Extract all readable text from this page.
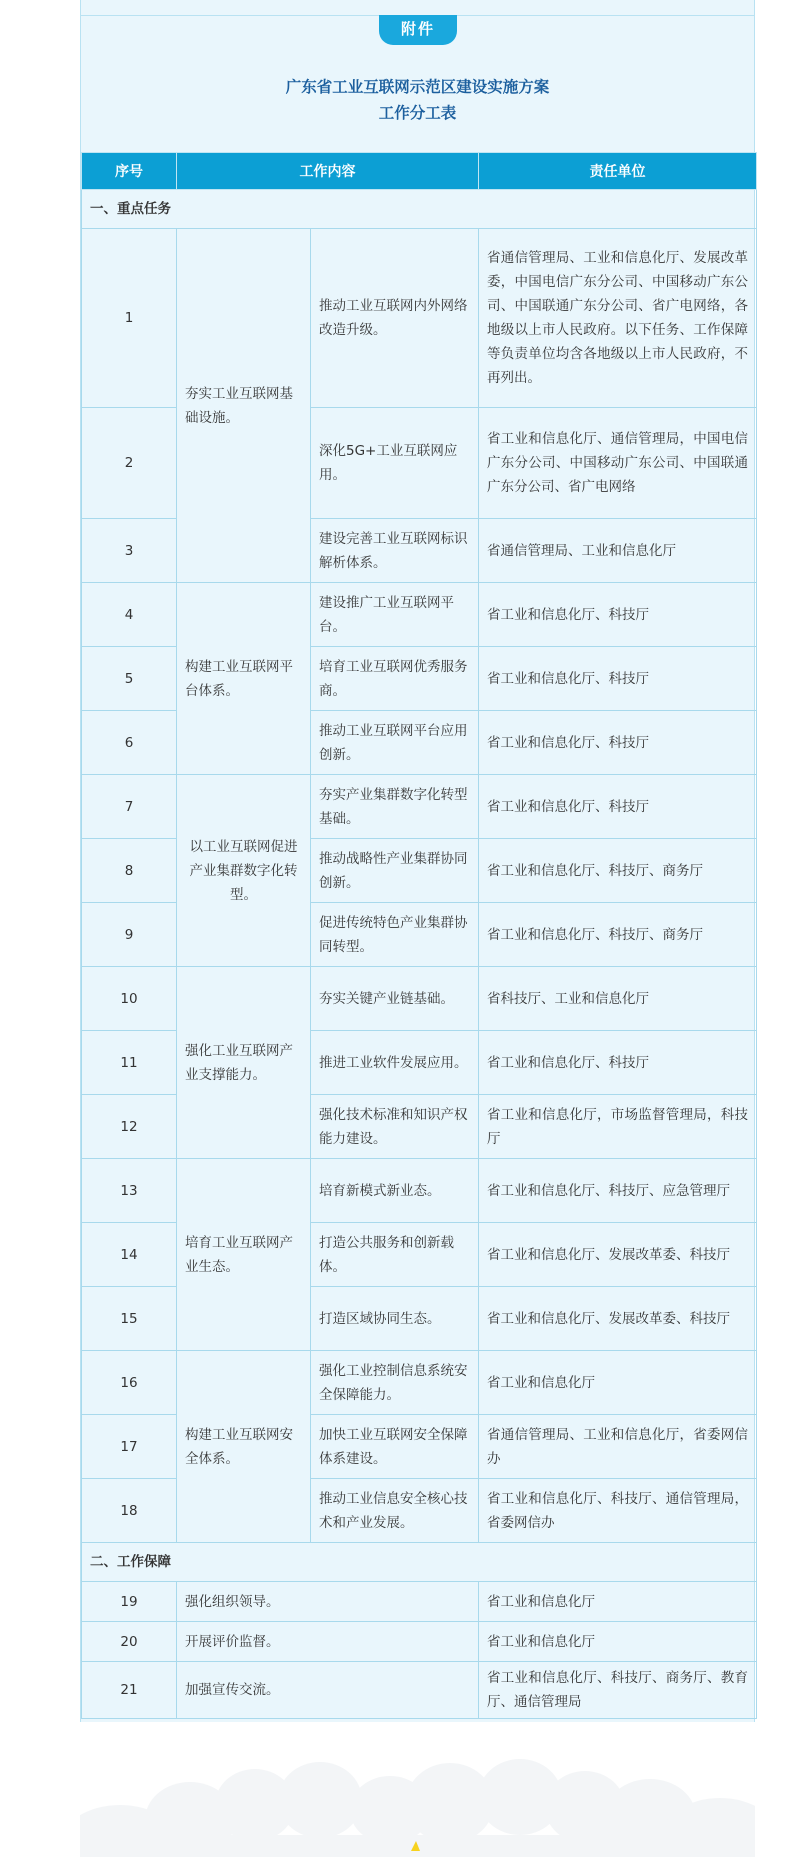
附件
广东省工业互联网示范区建设实施方案
工作分工表
序号	工作内容		责任单位
一、重点任务			
1	夯实工业互联网基础设施。	推动工业互联网内外网络改造升级。	省通信管理局、工业和信息化厅、发展改革委，中国电信广东分公司、中国移动广东公司、中国联通广东分公司、省广电网络，各地级以上市人民政府。以下任务、工作保障等负责单位均含各地级以上市人民政府，不再列出。
2		深化5G+工业互联网应用。	省工业和信息化厅、通信管理局，中国电信广东分公司、中国移动广东公司、中国联通广东分公司、省广电网络
3		建设完善工业互联网标识解析体系。	省通信管理局、工业和信息化厅
4	构建工业互联网平台体系。	建设推广工业互联网平台。	省工业和信息化厅、科技厅
5		培育工业互联网优秀服务商。	省工业和信息化厅、科技厅
6		推动工业互联网平台应用创新。	省工业和信息化厅、科技厅
7	以工业互联网促进产业集群数字化转型。	夯实产业集群数字化转型基础。	省工业和信息化厅、科技厅
8		推动战略性产业集群协同创新。	省工业和信息化厅、科技厅、商务厅
9		促进传统特色产业集群协同转型。	省工业和信息化厅、科技厅、商务厅
10	强化工业互联网产业支撑能力。	夯实关键产业链基础。	省科技厅、工业和信息化厅
11		推进工业软件发展应用。	省工业和信息化厅、科技厅
12		强化技术标准和知识产权能力建设。	省工业和信息化厅，市场监督管理局，科技厅
13	培育工业互联网产业生态。	培育新模式新业态。	省工业和信息化厅、科技厅、应急管理厅
14		打造公共服务和创新载体。	省工业和信息化厅、发展改革委、科技厅
15		打造区域协同生态。	省工业和信息化厅、发展改革委、科技厅
16	构建工业互联网安全体系。	强化工业控制信息系统安全保障能力。	省工业和信息化厅
17		加快工业互联网安全保障体系建设。	省通信管理局、工业和信息化厅，省委网信办
18		推动工业信息安全核心技术和产业发展。	省工业和信息化厅、科技厅、通信管理局，省委网信办
二、工作保障			
19	强化组织领导。		省工业和信息化厅
20	开展评价监督。		省工业和信息化厅
21	加强宣传交流。		省工业和信息化厅、科技厅、商务厅、教育厅、通信管理局
